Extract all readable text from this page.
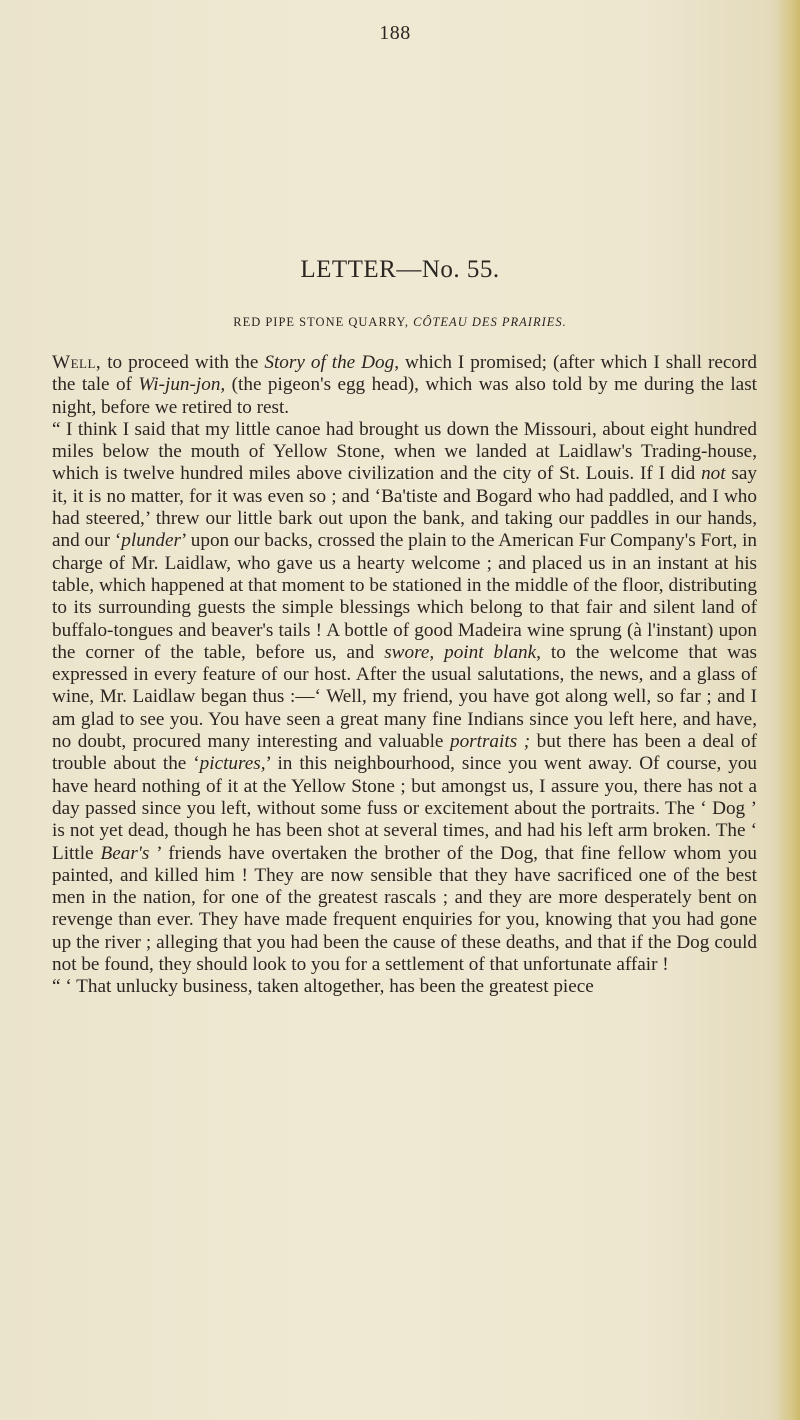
188
LETTER—No. 55.
RED PIPE STONE QUARRY, CÔTEAU DES PRAIRIES.

Well, to proceed with the Story of the Dog, which I promised; (after which I shall record the tale of Wi-jun-jon, (the pigeon's egg head), which was also told by me during the last night, before we retired to rest.

“ I think I said that my little canoe had brought us down the Missouri, about eight hundred miles below the mouth of Yellow Stone, when we landed at Laidlaw's Trading-house, which is twelve hundred miles above civilization and the city of St. Louis. If I did not say it, it is no matter, for it was even so ; and ‘Ba'tiste and Bogard who had paddled, and I who had steered,’ threw our little bark out upon the bank, and taking our paddles in our hands, and our ‘plunder’ upon our backs, crossed the plain to the American Fur Company's Fort, in charge of Mr. Laidlaw, who gave us a hearty welcome ; and placed us in an instant at his table, which happened at that moment to be stationed in the middle of the floor, distributing to its surrounding guests the simple blessings which belong to that fair and silent land of buffalo-tongues and beaver's tails ! A bottle of good Madeira wine sprung (à l'instant) upon the corner of the table, before us, and swore, point blank, to the welcome that was expressed in every feature of our host. After the usual salutations, the news, and a glass of wine, Mr. Laidlaw began thus :—‘ Well, my friend, you have got along well, so far ; and I am glad to see you. You have seen a great many fine Indians since you left here, and have, no doubt, procured many interesting and valuable portraits ; but there has been a deal of trouble about the ‘pictures,’ in this neighbourhood, since you went away. Of course, you have heard nothing of it at the Yellow Stone ; but amongst us, I assure you, there has not a day passed since you left, without some fuss or excitement about the portraits. The ‘ Dog ’ is not yet dead, though he has been shot at several times, and had his left arm broken. The ‘ Little Bear's ’ friends have overtaken the brother of the Dog, that fine fellow whom you painted, and killed him ! They are now sensible that they have sacrificed one of the best men in the nation, for one of the greatest rascals ; and they are more desperately bent on revenge than ever. They have made frequent enquiries for you, knowing that you had gone up the river ; alleging that you had been the cause of these deaths, and that if the Dog could not be found, they should look to you for a settlement of that unfortunate affair !

“ ‘ That unlucky business, taken altogether, has been the greatest piece
